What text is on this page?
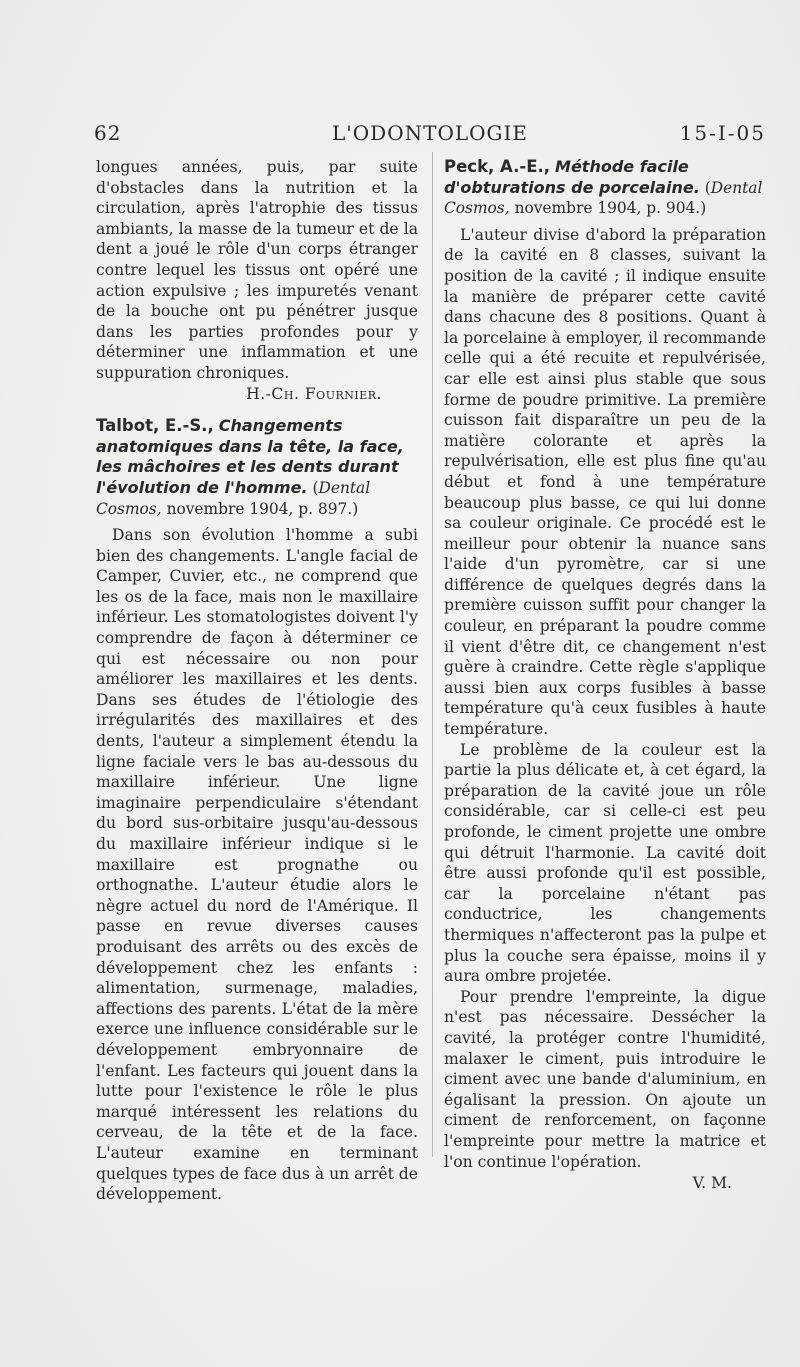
62	L'ODONTOLOGIE	15-I-05

longues années, puis, par suite d'obstacles dans la nutrition et la circulation, après l'atrophie des tissus ambiants, la masse de la tumeur et de la dent a joué le rôle d'un corps étranger contre lequel les tissus ont opéré une action expulsive ; les impuretés venant de la bouche ont pu pénétrer jusque dans les parties profondes pour y déterminer une inflammation et une suppuration chroniques.

H.-Ch. Fournier.

Talbot, E.-S., Changements anatomiques dans la tête, la face, les mâchoires et les dents durant l'évolution de l'homme. (Dental Cosmos, novembre 1904, p. 897.)

Dans son évolution l'homme a subi bien des changements. L'angle facial de Camper, Cuvier, etc., ne comprend que les os de la face, mais non le maxillaire inférieur. Les stomatologistes doivent l'y comprendre de façon à déterminer ce qui est nécessaire ou non pour améliorer les maxillaires et les dents. Dans ses études de l'étiologie des irrégularités des maxillaires et des dents, l'auteur a simplement étendu la ligne faciale vers le bas au-dessous du maxillaire inférieur. Une ligne imaginaire perpendiculaire s'étendant du bord sus-orbitaire jusqu'au-dessous du maxillaire inférieur indique si le maxillaire est prognathe ou orthognathe. L'auteur étudie alors le nègre actuel du nord de l'Amérique. Il passe en revue diverses causes produisant des arrêts ou des excès de développement chez les enfants : alimentation, surmenage, maladies, affections des parents. L'état de la mère exerce une influence considérable sur le développement embryonnaire de l'enfant. Les facteurs qui jouent dans la lutte pour l'existence le rôle le plus marqué intéressent les relations du cerveau, de la tête et de la face. L'auteur examine en terminant quelques types de face dus à un arrêt de développement.

Peck, A.-E., Méthode facile d'obturations de porcelaine. (Dental Cosmos, novembre 1904, p. 904.)

L'auteur divise d'abord la préparation de la cavité en 8 classes, suivant la position de la cavité ; il indique ensuite la manière de préparer cette cavité dans chacune des 8 positions. Quant à la porcelaine à employer, il recommande celle qui a été recuite et repulvérisée, car elle est ainsi plus stable que sous forme de poudre primitive. La première cuisson fait disparaître un peu de la matière colorante et après la repulvérisation, elle est plus fine qu'au début et fond à une température beaucoup plus basse, ce qui lui donne sa couleur originale. Ce procédé est le meilleur pour obtenir la nuance sans l'aide d'un pyromètre, car si une différence de quelques degrés dans la première cuisson suffit pour changer la couleur, en préparant la poudre comme il vient d'être dit, ce changement n'est guère à craindre. Cette règle s'applique aussi bien aux corps fusibles à basse température qu'à ceux fusibles à haute température.

Le problème de la couleur est la partie la plus délicate et, à cet égard, la préparation de la cavité joue un rôle considérable, car si celle-ci est peu profonde, le ciment projette une ombre qui détruit l'harmonie. La cavité doit être aussi profonde qu'il est possible, car la porcelaine n'étant pas conductrice, les changements thermiques n'affecteront pas la pulpe et plus la couche sera épaisse, moins il y aura ombre projetée.

Pour prendre l'empreinte, la digue n'est pas nécessaire. Dessécher la cavité, la protéger contre l'humidité, malaxer le ciment, puis introduire le ciment avec une bande d'aluminium, en égalisant la pression. On ajoute un ciment de renforcement, on façonne l'empreinte pour mettre la matrice et l'on continue l'opération.

V. M.
